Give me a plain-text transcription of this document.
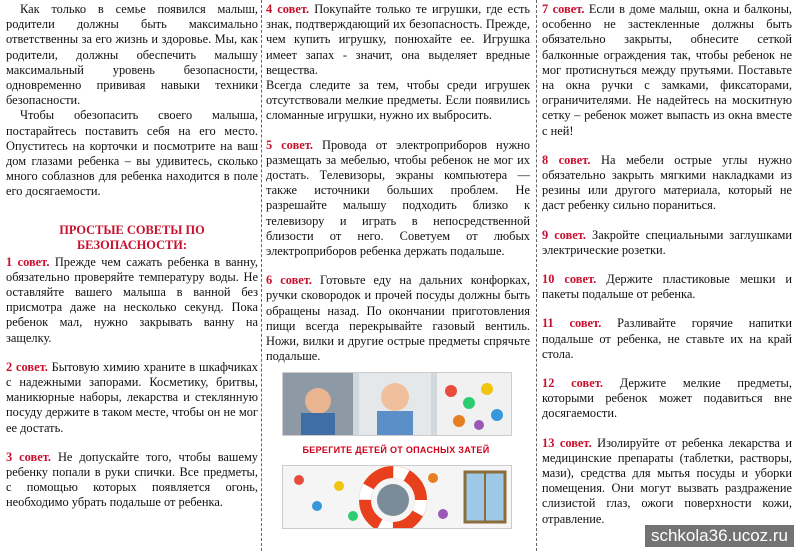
Как только в семье появился малыш, родители должны быть максимально ответственны за его жизнь и здоровье. Мы, как родители, должны обеспечить малышу максимальный уровень безопасности, одновременно прививая навыки техники безопасности.

Чтобы обезопасить своего малыша, постарайтесь поставить себя на его место. Опуститесь на корточки и посмотрите на ваш дом глазами ребенка – вы удивитесь, сколько много соблазнов для ребенка находится в поле его досягаемости.

ПРОСТЫЕ СОВЕТЫ ПО БЕЗОПАСНОСТИ:

1 совет. Прежде чем сажать ребенка в ванну, обязательно проверяйте температуру воды. Не оставляйте вашего малыша в ванной без присмотра даже на несколько секунд. Пока ребенок мал, нужно закрывать ванну на защелку.

2 совет. Бытовую химию храните в шкафчиках с надежными запорами. Косметику, бритвы, маникюрные наборы, лекарства и стеклянную посуду держите в таком месте, чтобы он не мог ее достать.

3 совет. Не допускайте того, чтобы вашему ребенку попали в руки спички. Все предметы, с помощью которых появляется огонь, необходимо убрать подальше от ребенка.

4 совет. Покупайте только те игрушки, где есть знак, подтверждающий их безопасность. Прежде, чем купить игрушку, понюхайте ее. Игрушка имеет запах - значит, она выделяет вредные вещества.

Всегда следите за тем, чтобы среди игрушек отсутствовали мелкие предметы. Если появились сломанные игрушки, нужно их выбросить.

5 совет. Провода от электроприборов нужно размещать за мебелью, чтобы ребенок не мог их достать. Телевизоры, экраны компьютера — также источники больших проблем. Не разрешайте малышу подходить близко к телевизору и играть в непосредственной близости от него. Советуем от любых электроприборов ребенка держать подальше.

6 совет. Готовьте еду на дальних конфорках, ручки сковородок и прочей посуды должны быть обращены назад. По окончании приготовления пищи всегда перекрывайте газовый вентиль. Ножи, вилки и другие острые предметы спрячьте подальше.

БЕРЕГИТЕ ДЕТЕЙ ОТ ОПАСНЫХ ЗАТЕЙ

7 совет. Если в доме малыш, окна и балконы, особенно не застекленные должны быть обязательно закрыты, обнесите сеткой балконные ограждения так, чтобы ребенок не мог протиснуться между прутьями. Поставьте на окна ручки с замками, фиксаторами, ограничителями. Не надейтесь на москитную сетку – ребенок может выпасть из окна вместе с ней!

8 совет. На мебели острые углы нужно обязательно закрыть мягкими накладками из резины или другого материала, который не даст ребенку сильно пораниться.

9 совет. Закройте специальными заглушками электрические розетки.

10 совет. Держите пластиковые мешки и пакеты подальше от ребенка.

11 совет. Разливайте горячие напитки подальше от ребенка, не ставьте их на край стола.

12 совет. Держите мелкие предметы, которыми ребенок может подавиться вне досягаемости.

13 совет. Изолируйте от ребенка лекарства и медицинские препараты (таблетки, растворы, мази), средства для мытья посуды и уборки помещения. Они могут вызвать раздражение слизистой глаз, ожоги поверхности кожи, отравление.

schkola36.ucoz.ru
